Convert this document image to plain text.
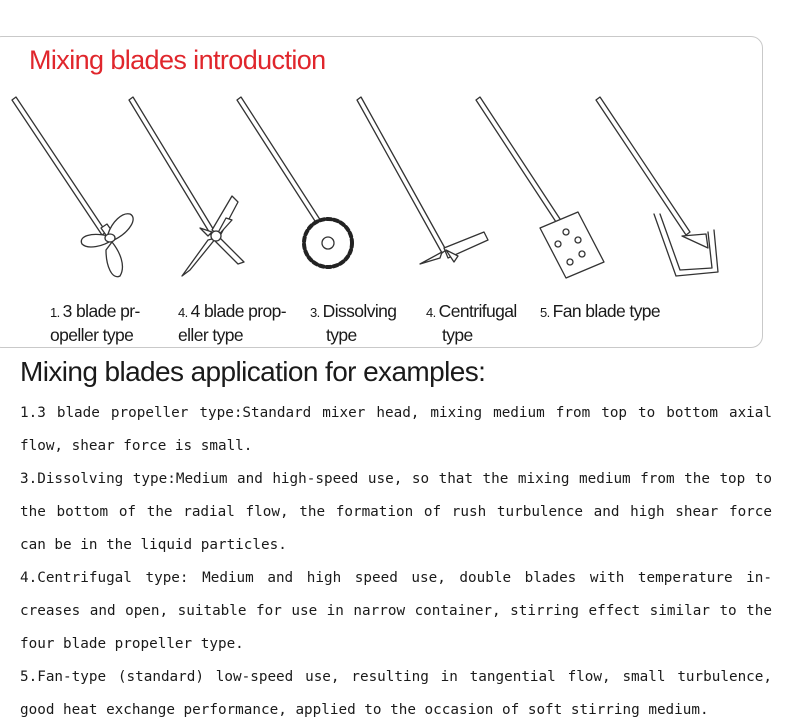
Mixing blades introduction
1. 3 blade pr-
opeller type
4. 4 blade prop-
eller type
3. Dissolving
type
4. Centrifugal
type
5. Fan blade type
Mixing blades application for examples:

1.3 blade propeller type:Standard mixer head, mixing medium from top to bottom axial flow, shear force is small.

3.Dissolving type:Medium and high-speed use, so that the mixing medium from the top to the bottom of the radial flow, the formation of rush turbulence and high shear force can be in the liquid particles.

4.Centrifugal type: Medium and high speed use, double blades with temperature in-creases and open, suitable for use in narrow container, stirring effect similar to the four blade propeller type.

5.Fan-type (standard) low-speed use, resulting in tangential flow, small turbulence, good heat exchange performance, applied to the occasion of soft stirring medium.
